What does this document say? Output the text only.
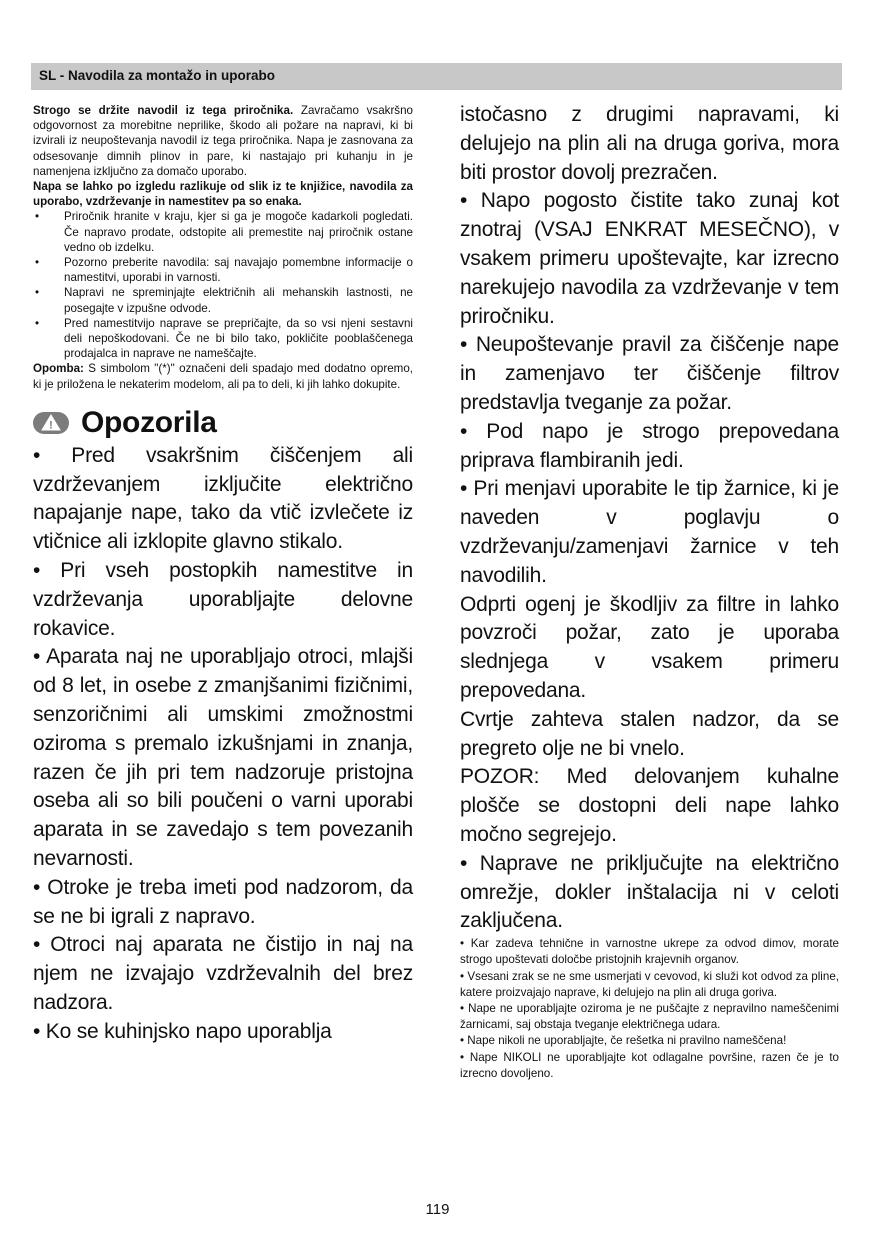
SL - Navodila za montažo in uporabo

Strogo se držite navodil iz tega priročnika. Zavračamo vsakršno odgovornost za morebitne neprilike, škodo ali požare na napravi, ki bi izvirali iz neupoštevanja navodil iz tega priročnika. Napa je zasnovana za odsesovanje dimnih plinov in pare, ki nastajajo pri kuhanju in je namenjena izključno za domačo uporabo.

Napa se lahko po izgledu razlikuje od slik iz te knjižice, navodila za uporabo, vzdrževanje in namestitev pa so enaka.

• Priročnik hranite v kraju, kjer si ga je mogoče kadarkoli pogledati. Če napravo prodate, odstopite ali premestite naj priročnik ostane vedno ob izdelku.
• Pozorno preberite navodila: saj navajajo pomembne informacije o namestitvi, uporabi in varnosti.
• Napravi ne spreminjajte električnih ali mehanskih lastnosti, ne posegajte v izpušne odvode.
• Pred namestitvijo naprave se prepričajte, da so vsi njeni sestavni deli nepoškodovani. Če ne bi bilo tako, pokličite pooblaščenega prodajalca in naprave ne nameščajte.

Opomba: S simbolom "(*)" označeni deli spadajo med dodatno opremo, ki je priložena le nekaterim modelom, ali pa to deli, ki jih lahko dokupite.

! Opozorila

• Pred vsakršnim čiščenjem ali vzdrževanjem izključite električno napajanje nape, tako da vtič izvlečete iz vtičnice ali izklopite glavno stikalo.

• Pri vseh postopkih namestitve in vzdrževanja uporabljajte delovne rokavice.

• Aparata naj ne uporabljajo otroci, mlajši od 8 let, in osebe z zmanjšanimi fizičnimi, senzoričnimi ali umskimi zmožnostmi oziroma s premalo izkušnjami in znanja, razen če jih pri tem nadzoruje pristojna oseba ali so bili poučeni o varni uporabi aparata in se zavedajo s tem povezanih nevarnosti.

• Otroke je treba imeti pod nadzorom, da se ne bi igrali z napravo.

• Otroci naj aparata ne čistijo in naj na njem ne izvajajo vzdrževalnih del brez nadzora.

• Ko se kuhinjsko napo uporablja

istočasno z drugimi napravami, ki delujejo na plin ali na druga goriva, mora biti prostor dovolj prezračen.

• Napo pogosto čistite tako zunaj kot znotraj (VSAJ ENKRAT MESEČNO), v vsakem primeru upoštevajte, kar izrecno narekujejo navodila za vzdrževanje v tem priročniku.

• Neupoštevanje pravil za čiščenje nape in zamenjavo ter čiščenje filtrov predstavlja tveganje za požar.

• Pod napo je strogo prepovedana priprava flambiranih jedi.

• Pri menjavi uporabite le tip žarnice, ki je naveden v poglavju o vzdrževanju/zamenjavi žarnice v teh navodilih.

Odprti ogenj je škodljiv za filtre in lahko povzroči požar, zato je uporaba slednjega v vsakem primeru prepovedana.

Cvrtje zahteva stalen nadzor, da se pregreto olje ne bi vnelo.

POZOR: Med delovanjem kuhalne plošče se dostopni deli nape lahko močno segrejejo.

• Naprave ne priključujte na električno omrežje, dokler inštalacija ni v celoti zaključena.

• Kar zadeva tehnične in varnostne ukrepe za odvod dimov, morate strogo upoštevati določbe pristojnih krajevnih organov.

• Vsesani zrak se ne sme usmerjati v cevovod, ki služi kot odvod za pline, katere proizvajajo naprave, ki delujejo na plin ali druga goriva.

• Nape ne uporabljajte oziroma je ne puščajte z nepravilno nameščenimi žarnicami, saj obstaja tveganje električnega udara.

• Nape nikoli ne uporabljajte, če rešetka ni pravilno nameščena!

• Nape NIKOLI ne uporabljajte kot odlagalne površine, razen če je to izrecno dovoljeno.

119
